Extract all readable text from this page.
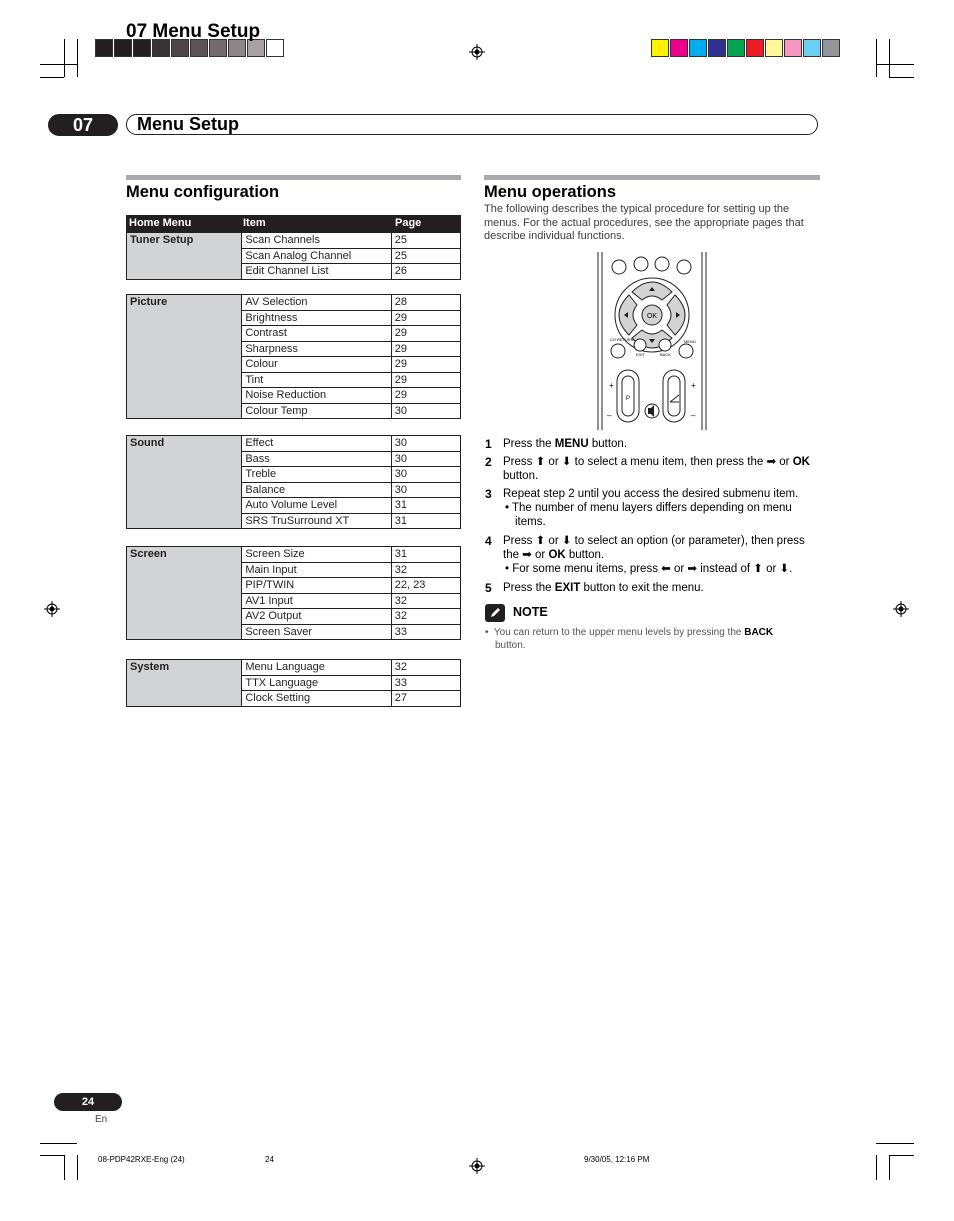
07 Menu Setup
07	Menu Setup
Menu configuration
Home Menu	Item	Page
Tuner Setup	Scan Channels	25
	Scan Analog Channel	25
	Edit Channel List	26
Picture	AV Selection	28
	Brightness	29
	Contrast	29
	Sharpness	29
	Colour	29
	Tint	29
	Noise Reduction	29
	Colour Temp	30
Sound	Effect	30
	Bass	30
	Treble	30
	Balance	30
	Auto Volume Level	31
	SRS TruSurround XT	31
Screen	Screen Size	31
	Main Input	32
	PIP/TWIN	22, 23
	AV1 Input	32
	AV2 Output	32
	Screen Saver	33
System	Menu Language	32
	TTX Language	33
	Clock Setting	27
Menu operations
The following describes the typical procedure for setting up the menus. For the actual procedures, see the appropriate pages that describe individual functions.
OK
CH RETURN	MENU
EXIT	BACK
P
+	+
–	–
1 Press the MENU button.
2 Press ⬆ or ⬇ to select a menu item, then press the ➡ or OK button.
3 Repeat step 2 until you access the desired submenu item.
• The number of menu layers differs depending on menu items.
4 Press ⬆ or ⬇ to select an option (or parameter), then press the ➡ or OK button.
• For some menu items, press ⬅ or ➡ instead of ⬆ or ⬇.
5 Press the EXIT button to exit the menu.
NOTE
•  You can return to the upper menu levels by pressing the BACK
button.
24
En
08-PDP42RXE-Eng (24)	24	9/30/05, 12:16 PM
